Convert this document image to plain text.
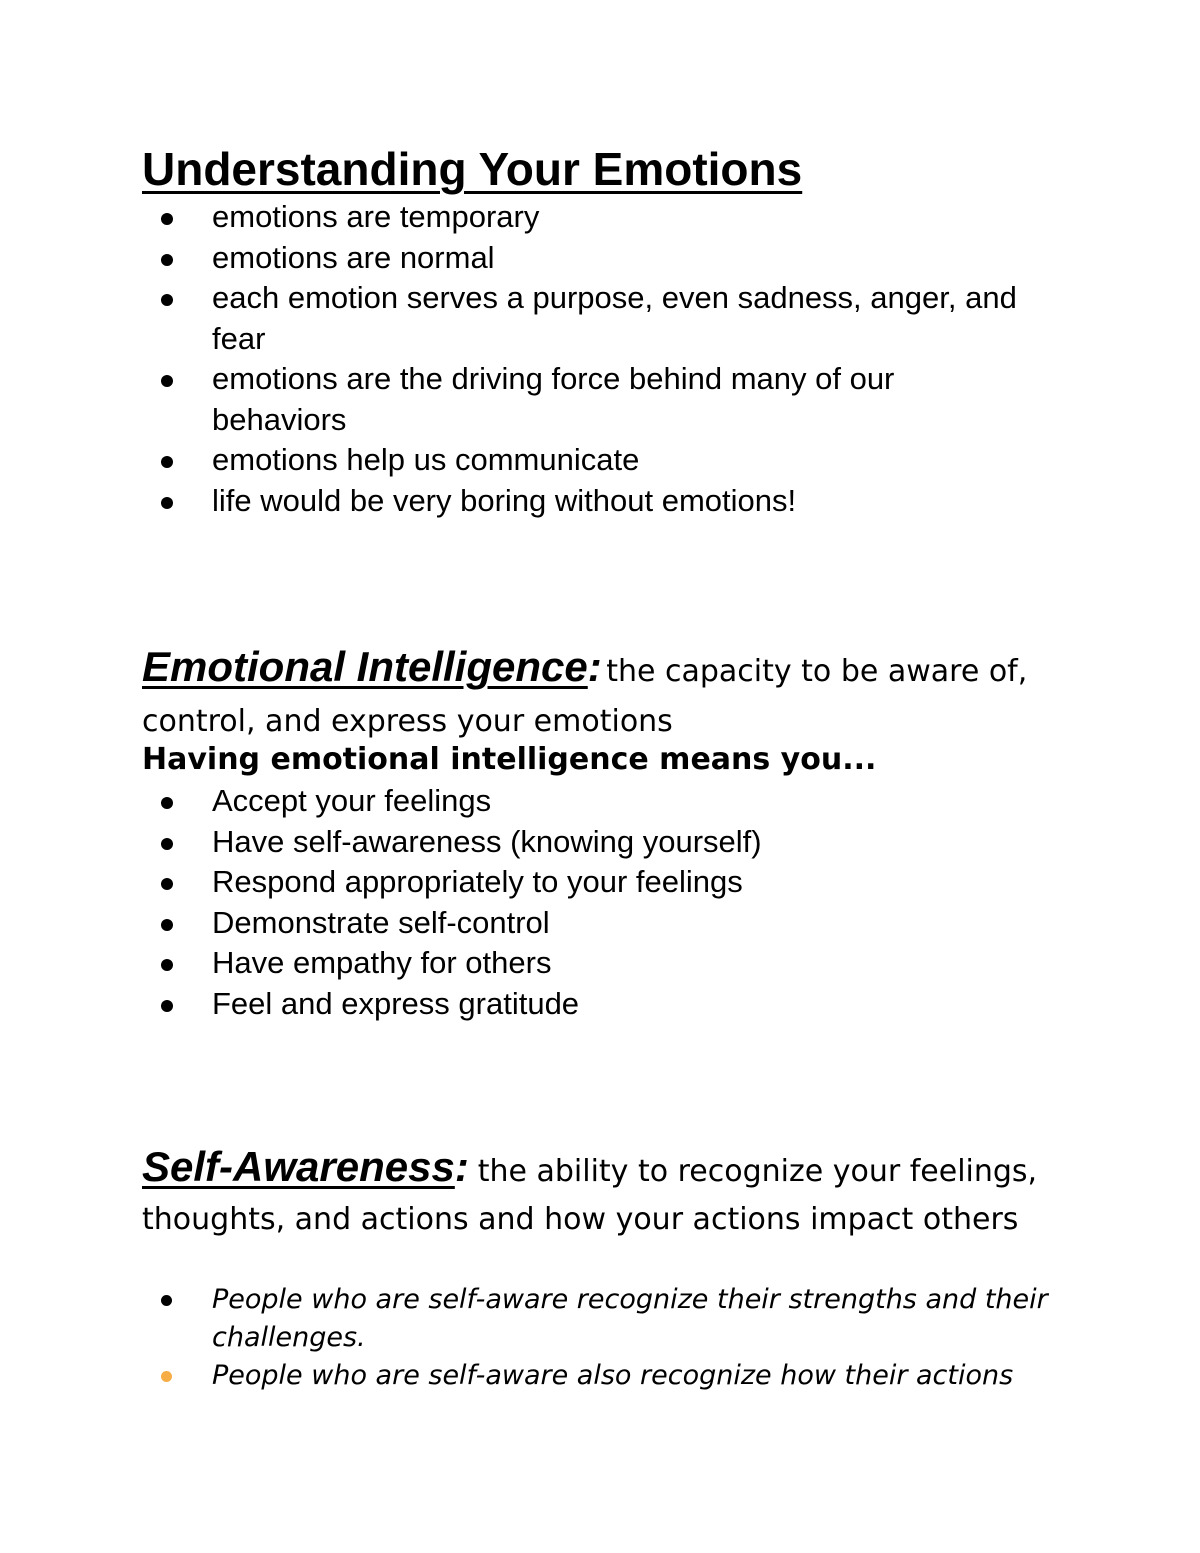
Understanding Your Emotions
emotions are temporary
emotions are normal
each emotion serves a purpose, even sadness, anger, and fear
emotions are the driving force behind many of our behaviors
emotions help us communicate
life would be very boring without emotions!
Emotional Intelligence: the capacity to be aware of, control, and express your emotions
Having emotional intelligence means you...
Accept your feelings
Have self-awareness (knowing yourself)
Respond appropriately to your feelings
Demonstrate self-control
Have empathy for others
Feel and express gratitude
Self-Awareness: the ability to recognize your feelings, thoughts, and actions and how your actions impact others
People who are self-aware recognize their strengths and their challenges.
People who are self-aware also recognize how their actions
